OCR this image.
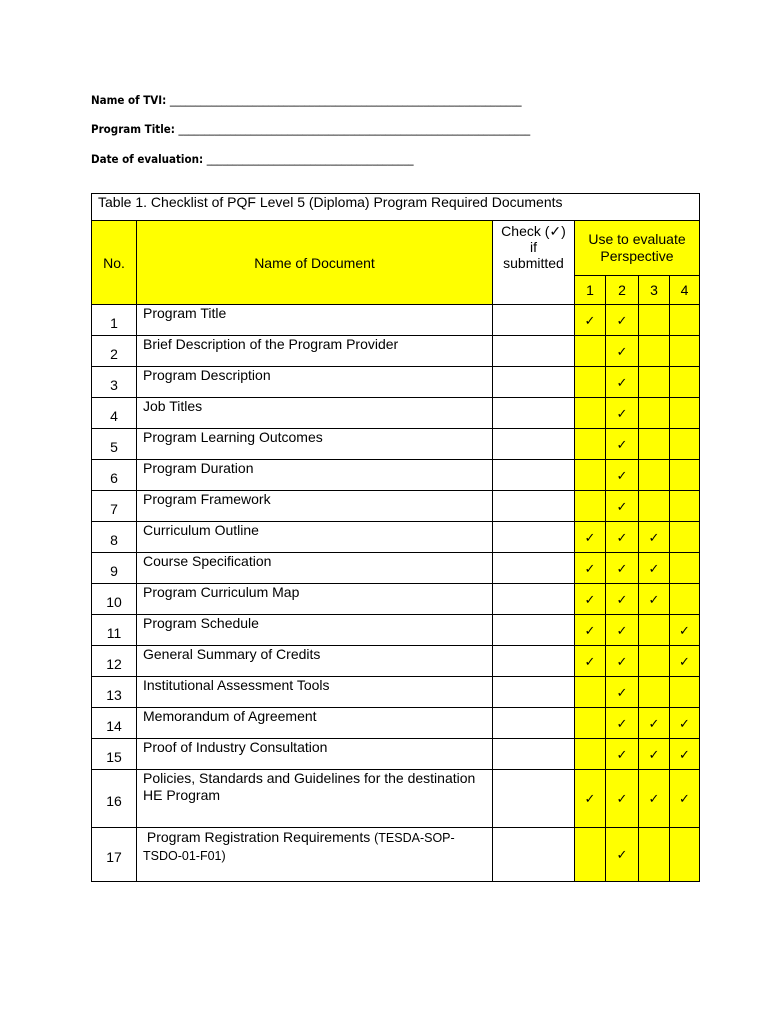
Name of TVI: ____________________________________________________________________
Program Title: ____________________________________________________________________
Date of evaluation: ________________________________________
Table 1. Checklist of PQF Level 5 (Diploma) Program Required Documents						
No.	Name of Document	Check (✓) if submitted	Use to evaluate Perspective			

			1	2	3	4
1	Program Title		✓	✓		
2	Brief Description of the Program Provider			✓		
3	Program Description			✓		
4	Job Titles			✓		
5	Program Learning Outcomes			✓		
6	Program Duration			✓		
7	Program Framework			✓		
8	Curriculum Outline		✓	✓	✓	
9	Course Specification		✓	✓	✓	
10	Program Curriculum Map		✓	✓	✓	
11	Program Schedule		✓	✓		✓
12	General Summary of Credits		✓	✓		✓
13	Institutional Assessment Tools			✓		
14	Memorandum of Agreement			✓	✓	✓
15	Proof of Industry Consultation			✓	✓	✓
16	Policies, Standards and Guidelines for the destination HE Program		✓	✓	✓	✓
17	Program Registration Requirements (TESDA-SOP-TSDO-01-F01)			✓		
